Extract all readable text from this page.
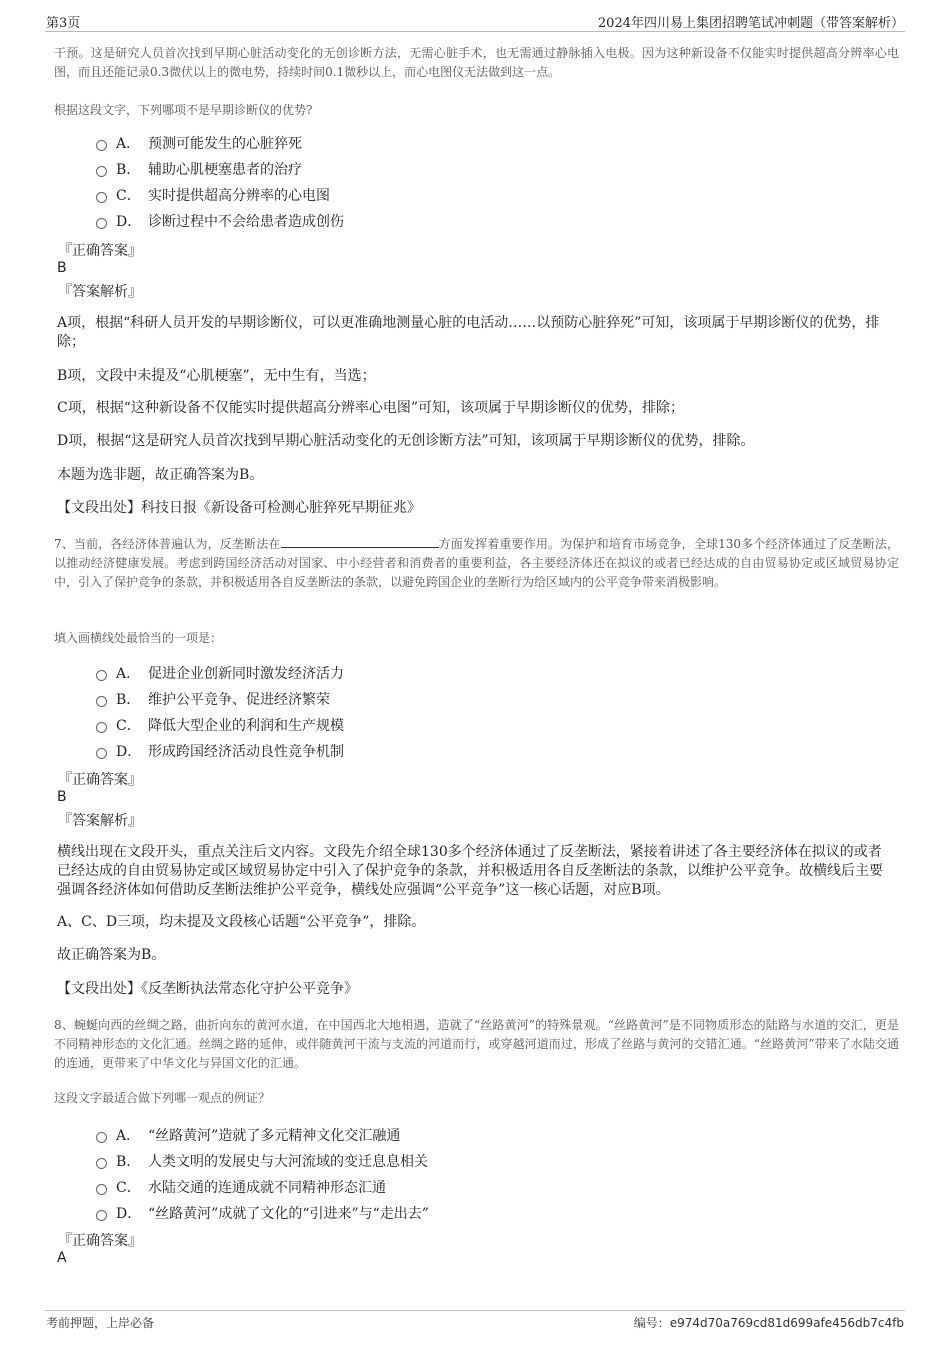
第3页	2024年四川易上集团招聘笔试冲刺题（带答案解析）
干预。这是研究人员首次找到早期心脏活动变化的无创诊断方法，无需心脏手术，也无需通过静脉插入电极。因为这种新设备不仅能实时提供超高分辨率心电图，而且还能记录0.3微伏以上的微电势，持续时间0.1微秒以上，而心电图仪无法做到这一点。
根据这段文字，下列哪项不是早期诊断仪的优势?
A． 预测可能发生的心脏猝死
B． 辅助心肌梗塞患者的治疗
C． 实时提供超高分辨率的心电图
D． 诊断过程中不会给患者造成创伤
『正确答案』
B
『答案解析』
A项，根据“科研人员开发的早期诊断仪，可以更准确地测量心脏的电活动……以预防心脏猝死”可知，该项属于早期诊断仪的优势，排除；
B项，文段中未提及“心肌梗塞”，无中生有，当选；
C项，根据“这种新设备不仅能实时提供超高分辨率心电图”可知，该项属于早期诊断仪的优势，排除；
D项，根据“这是研究人员首次找到早期心脏活动变化的无创诊断方法”可知，该项属于早期诊断仪的优势，排除。
本题为选非题，故正确答案为B。
【文段出处】科技日报《新设备可检测心脏猝死早期征兆》
7、当前，各经济体普遍认为，反垄断法在	方面发挥着重要作用。为保护和培育市场竞争，全球130多个经济体通过了反垄断法，以推动经济健康发展。考虑到跨国经济活动对国家、中小经营者和消费者的重要利益，各主要经济体还在拟议的或者已经达成的自由贸易协定或区域贸易协定中，引入了保护竞争的条款，并积极适用各自反垄断法的条款，以避免跨国企业的垄断行为给区域内的公平竞争带来消极影响。
填入画横线处最恰当的一项是：
A． 促进企业创新同时激发经济活力
B． 维护公平竞争、促进经济繁荣
C． 降低大型企业的利润和生产规模
D． 形成跨国经济活动良性竞争机制
『正确答案』
B
『答案解析』
横线出现在文段开头，重点关注后文内容。文段先介绍全球130多个经济体通过了反垄断法，紧接着讲述了各主要经济体在拟议的或者已经达成的自由贸易协定或区域贸易协定中引入了保护竞争的条款，并积极适用各自反垄断法的条款，以维护公平竞争。故横线后主要强调各经济体如何借助反垄断法维护公平竞争，横线处应强调“公平竞争”这一核心话题，对应B项。
A、C、D三项，均未提及文段核心话题“公平竞争”，排除。
故正确答案为B。
【文段出处】《反垄断执法常态化守护公平竞争》
8、蜿蜒向西的丝绸之路，曲折向东的黄河水道，在中国西北大地相遇，造就了“丝路黄河”的特殊景观。“丝路黄河”是不同物质形态的陆路与水道的交汇，更是不同精神形态的文化汇通。丝绸之路的延伸，或伴随黄河干流与支流的河道而行，或穿越河道而过，形成了丝路与黄河的交错汇通。“丝路黄河”带来了水陆交通的连通，更带来了中华文化与异国文化的汇通。
这段文字最适合做下列哪一观点的例证？
A． “丝路黄河”造就了多元精神文化交汇融通
B． 人类文明的发展史与大河流域的变迁息息相关
C． 水陆交通的连通成就不同精神形态汇通
D． “丝路黄河”成就了文化的“引进来”与“走出去”
『正确答案』
A
考前押题，上岸必备	编号：e974d70a769cd81d699afe456db7c4fb
